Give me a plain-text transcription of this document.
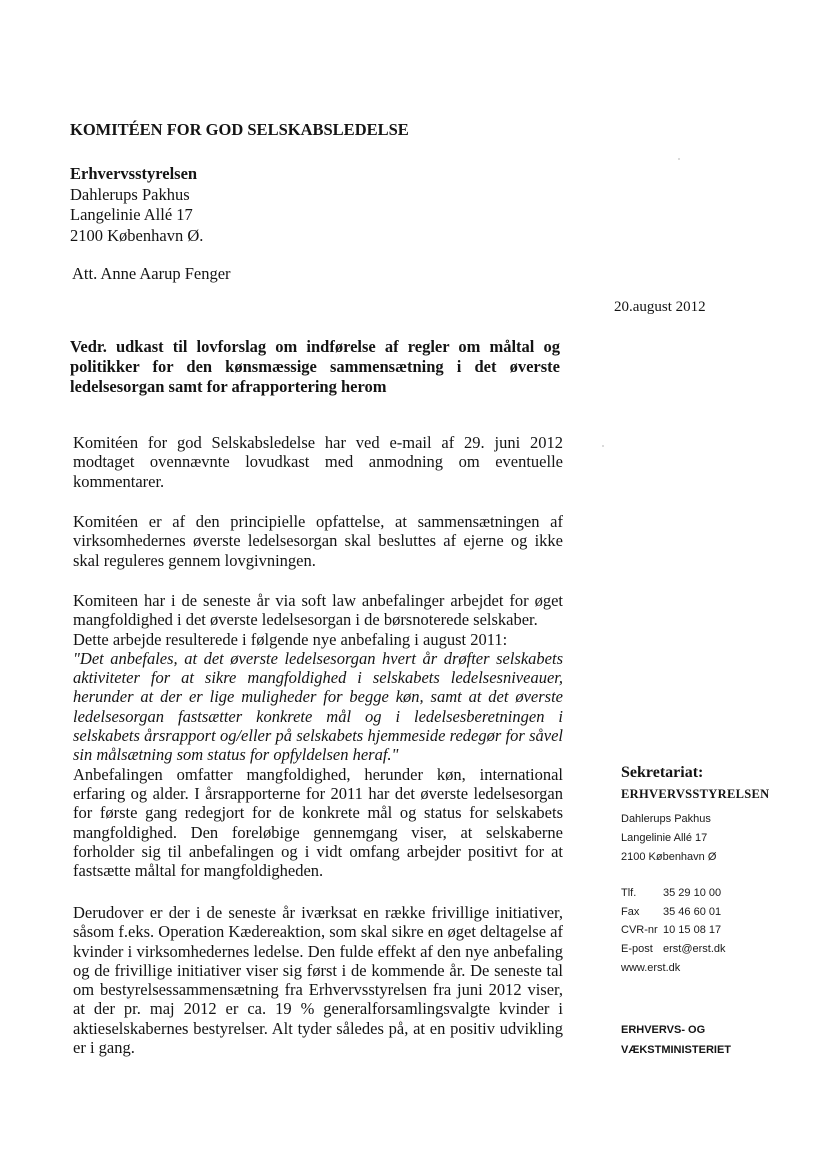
KOMITÉEN FOR GOD SELSKABSLEDELSE
Erhvervsstyrelsen
Dahlerups Pakhus
Langelinie Allé 17
2100 København Ø.
Att. Anne Aarup Fenger
20.august 2012
Vedr. udkast til lovforslag om indførelse af regler om måltal og politikker for den kønsmæssige sammensætning i det øverste ledelsesorgan samt for afrapportering herom
Komitéen for god Selskabsledelse har ved e-mail af 29. juni 2012 modtaget ovennævnte lovudkast med anmodning om eventuelle kommentarer.
Komitéen er af den principielle opfattelse, at sammensætningen af virksomhedernes øverste ledelsesorgan skal besluttes af ejerne og ikke skal reguleres gennem lovgivningen.
Komiteen har i de seneste år via soft law anbefalinger arbejdet for øget mangfoldighed i det øverste ledelsesorgan i de børsnoterede selskaber.
Dette arbejde resulterede i følgende nye anbefaling i august 2011:
"Det anbefales, at det øverste ledelsesorgan hvert år drøfter selskabets aktiviteter for at sikre mangfoldighed i selskabets ledelsesniveauer, herunder at der er lige muligheder for begge køn, samt at det øverste ledelsesorgan fastsætter konkrete mål og i ledelsesberetningen i selskabets årsrapport og/eller på selskabets hjemmeside redegør for såvel sin målsætning som status for opfyldelsen heraf."
Anbefalingen omfatter mangfoldighed, herunder køn, international erfaring og alder. I årsrapporterne for 2011 har det øverste ledelsesorgan for første gang redegjort for de konkrete mål og status for selskabets mangfoldighed. Den foreløbige gennemgang viser, at selskaberne forholder sig til anbefalingen og i vidt omfang arbejder positivt for at fastsætte måltal for mangfoldigheden.
Derudover er der i de seneste år iværksat en række frivillige initiativer, såsom f.eks. Operation Kædereaktion, som skal sikre en øget deltagelse af kvinder i virksomhedernes ledelse. Den fulde effekt af den nye anbefaling og de frivillige initiativer viser sig først i de kommende år. De seneste tal om bestyrelsessammensætning fra Erhvervsstyrelsen fra juni 2012 viser, at der pr. maj 2012 er ca. 19 % generalforsamlingsvalgte kvinder i aktieselskabernes bestyrelser. Alt tyder således på, at en positiv udvikling er i gang.
Sekretariat:
ERHVERVSSTYRELSEN
Dahlerups Pakhus
Langelinie Allé 17
2100 København Ø
Tlf. 35 29 10 00
Fax 35 46 60 01
CVR-nr 10 15 08 17
E-post erst@erst.dk
www.erst.dk
ERHVERVS- OG
VÆKSTMINISTERIET
